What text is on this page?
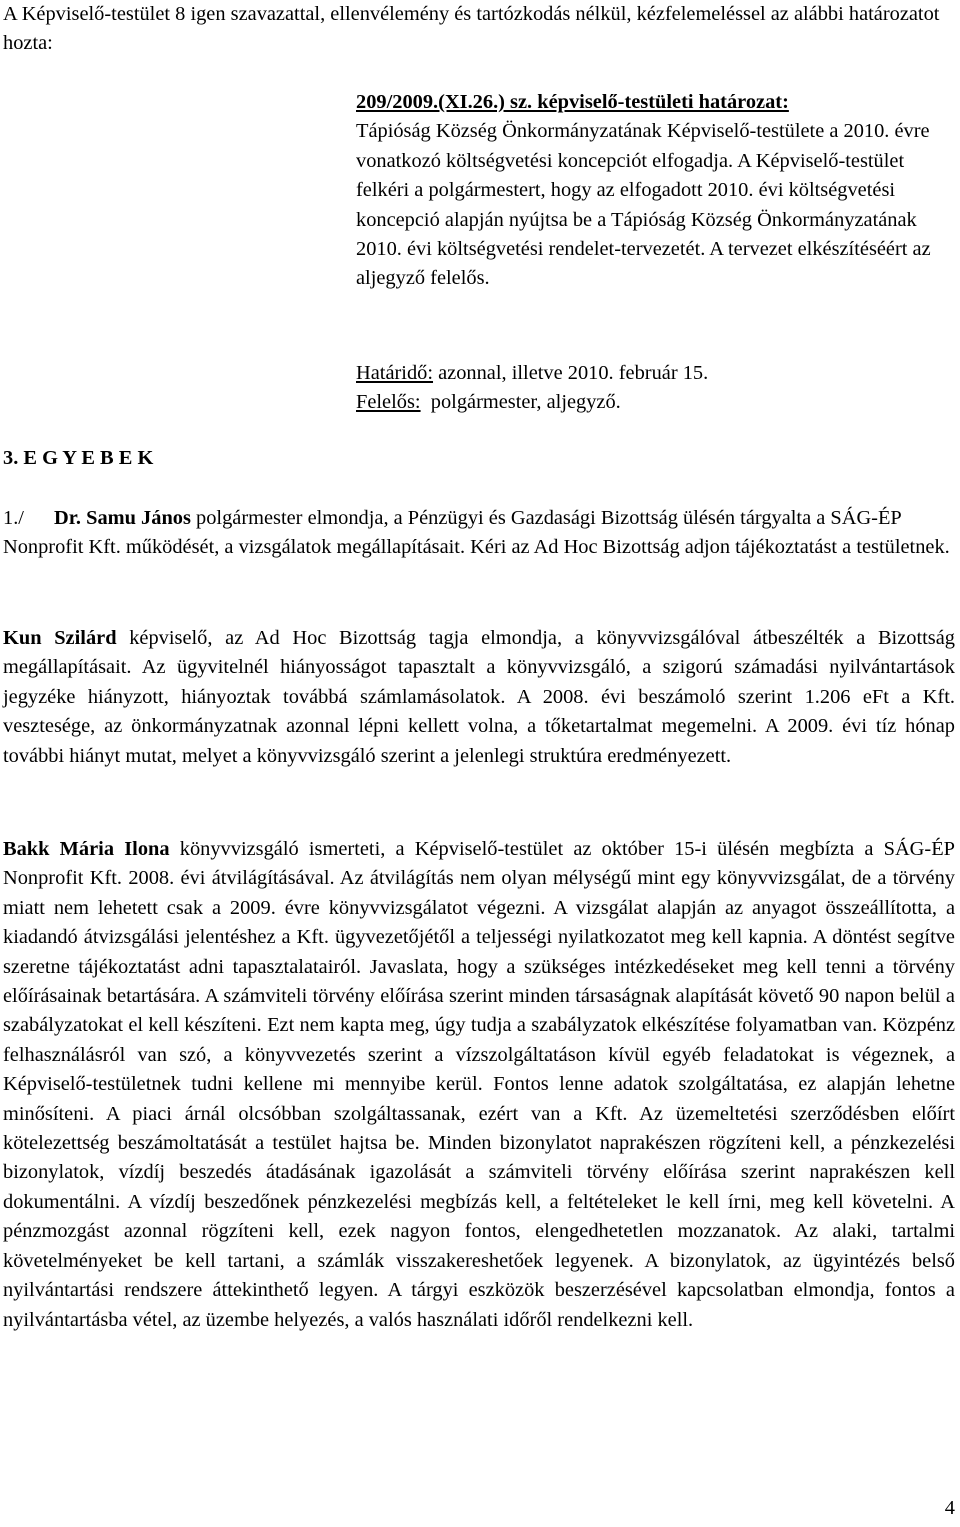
A Képviselő-testület 8 igen szavazattal, ellenvélemény és tartózkodás nélkül, kézfelemeléssel az alábbi határozatot hozta:

209/2009.(XI.26.) sz. képviselő-testületi határozat:

Tápióság Község Önkormányzatának Képviselő-testülete a 2010. évre vonatkozó költségvetési koncepciót elfogadja. A Képviselő-testület felkéri a polgármestert, hogy az elfogadott 2010. évi költségvetési koncepció alapján nyújtsa be a Tápióság Község Önkormányzatának 2010. évi költségvetési rendelet-tervezetét. A tervezet elkészítéséért az aljegyző felelős.

Határidő: azonnal, illetve 2010. február 15.

Felelős: polgármester, aljegyző.

3. E G Y E B E K

1./ Dr. Samu János polgármester elmondja, a Pénzügyi és Gazdasági Bizottság ülésén tárgyalta a SÁG-ÉP Nonprofit Kft. működését, a vizsgálatok megállapításait. Kéri az Ad Hoc Bizottság adjon tájékoztatást a testületnek.

Kun Szilárd képviselő, az Ad Hoc Bizottság tagja elmondja, a könyvvizsgálóval átbeszélték a Bizottság megállapításait. Az ügyvitelnél hiányosságot tapasztalt a könyvvizsgáló, a szigorú számadási nyilvántartások jegyzéke hiányzott, hiányoztak továbbá számlamásolatok. A 2008. évi beszámoló szerint 1.206 eFt a Kft. vesztesége, az önkormányzatnak azonnal lépni kellett volna, a tőketartalmat megemelni. A 2009. évi tíz hónap további hiányt mutat, melyet a könyvvizsgáló szerint a jelenlegi struktúra eredményezett.

Bakk Mária Ilona könyvvizsgáló ismerteti, a Képviselő-testület az október 15-i ülésén megbízta a SÁG-ÉP Nonprofit Kft. 2008. évi átvilágításával. Az átvilágítás nem olyan mélységű mint egy könyvvizsgálat, de a törvény miatt nem lehetett csak a 2009. évre könyvvizsgálatot végezni. A vizsgálat alapján az anyagot összeállította, a kiadandó átvizsgálási jelentéshez a Kft. ügyvezetőjétől a teljességi nyilatkozatot meg kell kapnia. A döntést segítve szeretne tájékoztatást adni tapasztalatairól. Javaslata, hogy a szükséges intézkedéseket meg kell tenni a törvény előírásainak betartására. A számviteli törvény előírása szerint minden társaságnak alapítását követő 90 napon belül a szabályzatokat el kell készíteni. Ezt nem kapta meg, úgy tudja a szabályzatok elkészítése folyamatban van. Közpénz felhasználásról van szó, a könyvvezetés szerint a vízszolgáltatáson kívül egyéb feladatokat is végeznek, a Képviselő-testületnek tudni kellene mi mennyibe kerül. Fontos lenne adatok szolgáltatása, ez alapján lehetne minősíteni. A piaci árnál olcsóbban szolgáltassanak, ezért van a Kft. Az üzemeltetési szerződésben előírt kötelezettség beszámoltatását a testület hajtsa be. Minden bizonylatot naprakészen rögzíteni kell, a pénzkezelési bizonylatok, vízdíj beszedés átadásának igazolását a számviteli törvény előírása szerint naprakészen kell dokumentálni. A vízdíj beszedőnek pénzkezelési megbízás kell, a feltételeket le kell írni, meg kell követelni. A pénzmozgást azonnal rögzíteni kell, ezek nagyon fontos, elengedhetetlen mozzanatok. Az alaki, tartalmi követelményeket be kell tartani, a számlák visszakereshetőek legyenek. A bizonylatok, az ügyintézés belső nyilvántartási rendszere áttekinthető legyen. A tárgyi eszközök beszerzésével kapcsolatban elmondja, fontos a nyilvántartásba vétel, az üzembe helyezés, a valós használati időről rendelkezni kell.

4
